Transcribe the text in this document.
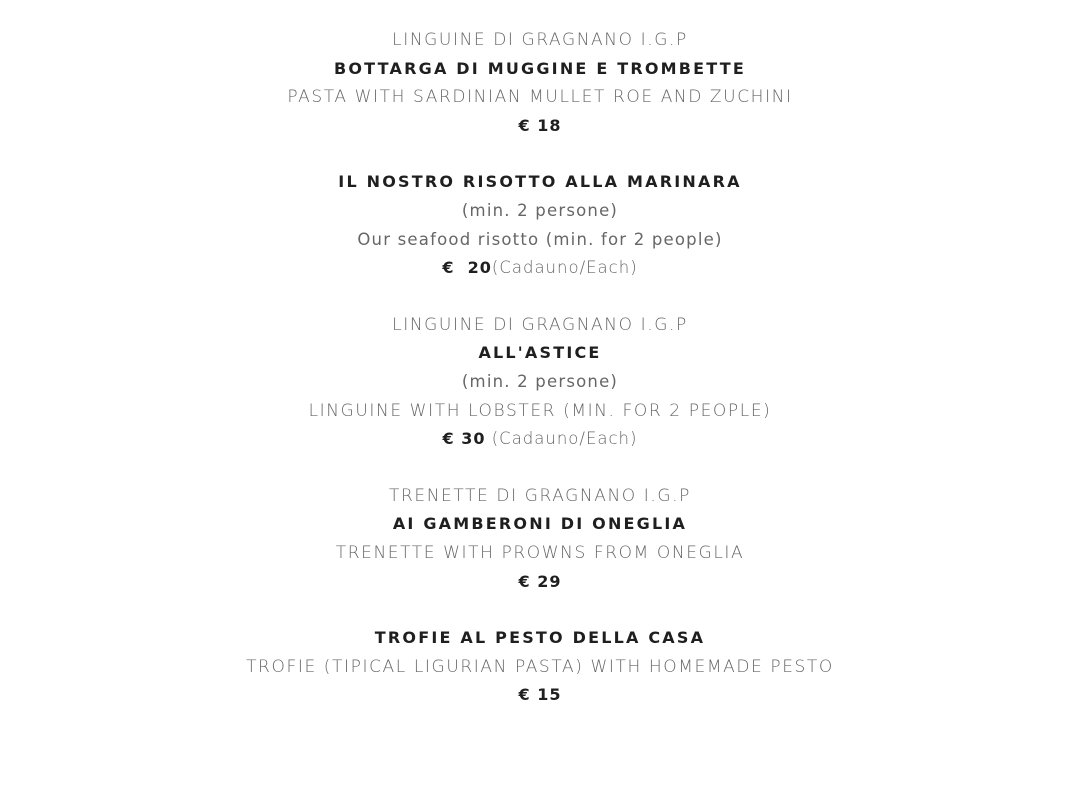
LINGUINE DI GRAGNANO I.G.P
BOTTARGA DI MUGGINE E TROMBETTE
PASTA WITH SARDINIAN MULLET ROE AND ZUCHINI
€ 18
IL NOSTRO RISOTTO ALLA MARINARA
(min. 2 persone)
Our seafood risotto (min. for 2 people)
€  20(Cadauno/Each)
LINGUINE DI GRAGNANO I.G.P
ALL'ASTICE
(min. 2 persone)
LINGUINE WITH LOBSTER (MIN. FOR 2 PEOPLE)
€ 30 (Cadauno/Each)
TRENETTE DI GRAGNANO I.G.P
AI GAMBERONI DI ONEGLIA
TRENETTE WITH PROWNS FROM ONEGLIA
€ 29
TROFIE AL PESTO DELLA CASA
TROFIE (TIPICAL LIGURIAN PASTA) WITH HOMEMADE PESTO
€ 15
